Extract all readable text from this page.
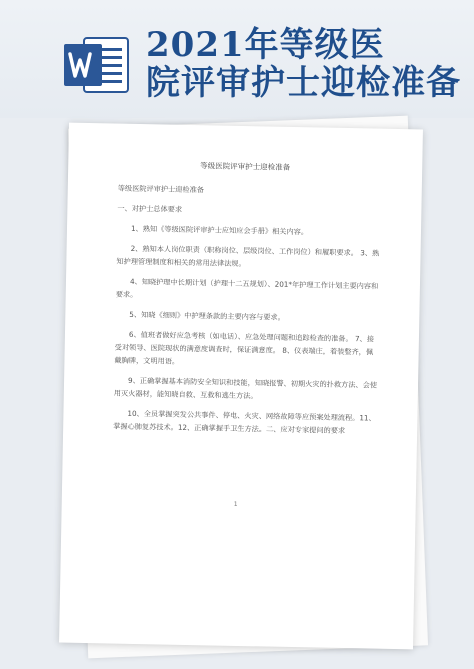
2021年等级医
院评审护士迎检准备
等级医院评审护士迎检准备

等级医院评审护士迎检准备

一、对护士总体要求

1、熟知《等级医院评审护士应知应会手册》相关内容。

2、熟知本人岗位职责（职称岗位、层级岗位、工作岗位）和履职要求。 3、熟知护理管理制度和相关的常用法律法规。

4、知晓护理中长期计划（护理十二五规划）、201*年护理工作计划主要内容和要求。

5、知晓《细则》中护理条款的主要内容与要求。

6、值班者做好应急考核（如电话）、应急处理问题和追踪检查的准备。 7、接受对领导、医院现状的满意度调查时，保证满意度。 8、仪表端庄，着装整齐，佩戴胸牌，文明用语。

9、正确掌握基本消防安全知识和技能，知晓报警、初期火灾的扑救方法、会使用灭火器材，能知晓自救、互救和逃生方法。

10、全员掌握突发公共事件、停电、火灾、网络故障等应预案处理流程。11、掌握心肺复苏技术。12、正确掌握手卫生方法。二、应对专家提问的要求

1
